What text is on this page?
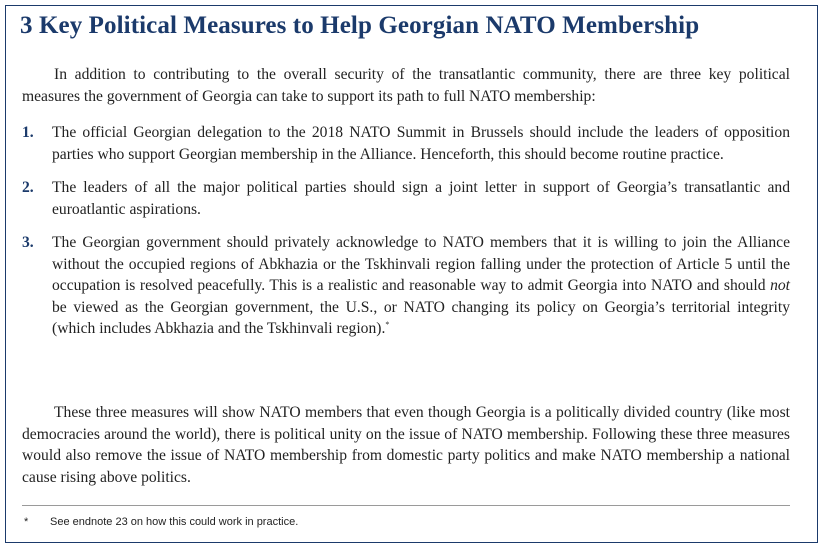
3 Key Political Measures to Help Georgian NATO Membership

In addition to contributing to the overall security of the transatlantic community, there are three key political measures the government of Georgia can take to support its path to full NATO membership:

1. The official Georgian delegation to the 2018 NATO Summit in Brussels should include the leaders of opposition parties who support Georgian membership in the Alliance. Henceforth, this should become routine practice.
2. The leaders of all the major political parties should sign a joint letter in support of Georgia’s transatlantic and euroatlantic aspirations.
3. The Georgian government should privately acknowledge to NATO members that it is willing to join the Alliance without the occupied regions of Abkhazia or the Tskhinvali region falling under the protection of Article 5 until the occupation is resolved peacefully. This is a realistic and reasonable way to admit Georgia into NATO and should not be viewed as the Georgian government, the U.S., or NATO changing its policy on Georgia’s territorial integrity (which includes Abkhazia and the Tskhinvali region).*

These three measures will show NATO members that even though Georgia is a politically divided country (like most democracies around the world), there is political unity on the issue of NATO membership. Following these three measures would also remove the issue of NATO membership from domestic party politics and make NATO membership a national cause rising above politics.

* See endnote 23 on how this could work in practice.
